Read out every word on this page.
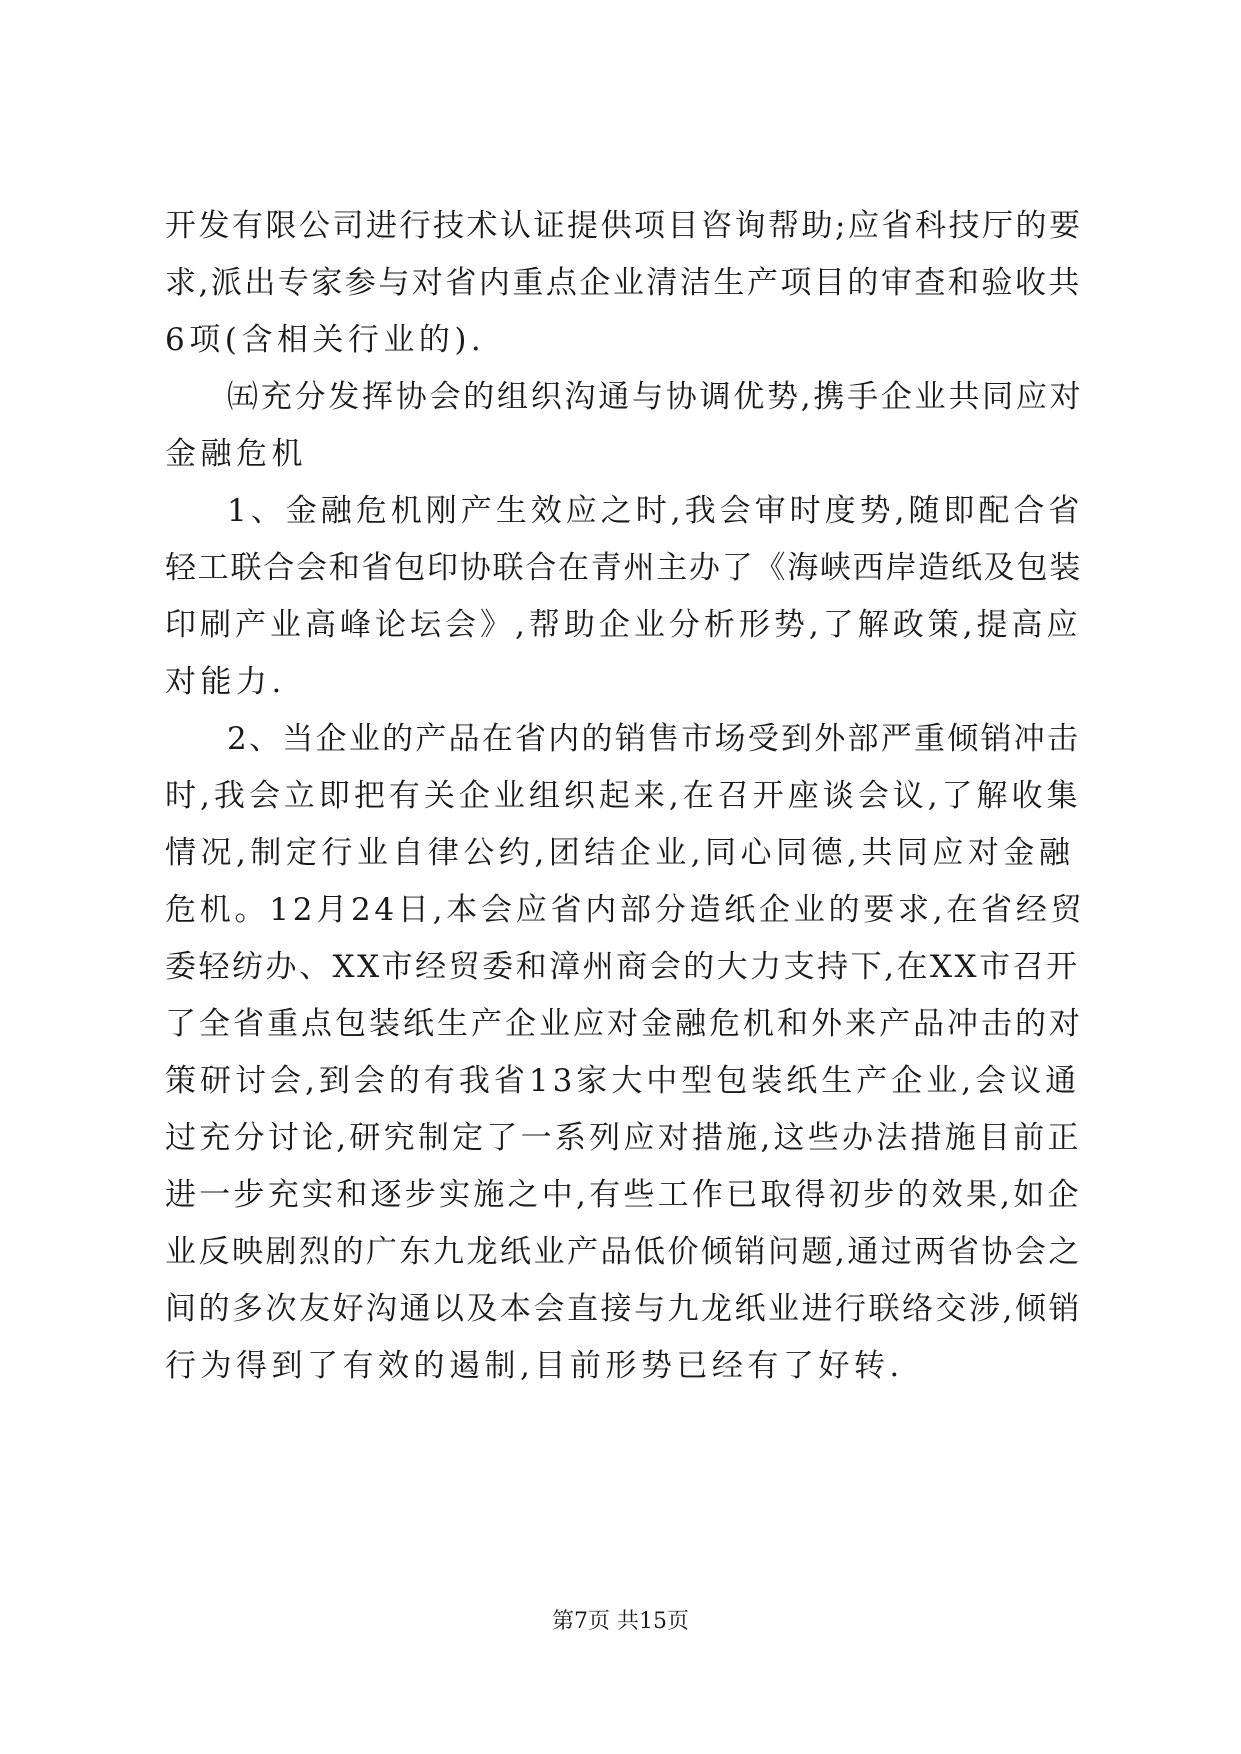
开发有限公司进行技术认证提供项目咨询帮助;应省科技厅的要
求,派出专家参与对省内重点企业清洁生产项目的审查和验收共
6项(含相关行业的).
㈤充分发挥协会的组织沟通与协调优势,携手企业共同应对
金融危机
1、金融危机刚产生效应之时,我会审时度势,随即配合省
轻工联合会和省包印协联合在青州主办了《海峡西岸造纸及包装
印刷产业高峰论坛会》,帮助企业分析形势,了解政策,提高应
对能力.
2、当企业的产品在省内的销售市场受到外部严重倾销冲击
时,我会立即把有关企业组织起来,在召开座谈会议,了解收集
情况,制定行业自律公约,团结企业,同心同德,共同应对金融
危机。12月24日,本会应省内部分造纸企业的要求,在省经贸
委轻纺办、XX市经贸委和漳州商会的大力支持下,在XX市召开
了全省重点包装纸生产企业应对金融危机和外来产品冲击的对
策研讨会,到会的有我省13家大中型包装纸生产企业,会议通
过充分讨论,研究制定了一系列应对措施,这些办法措施目前正
进一步充实和逐步实施之中,有些工作已取得初步的效果,如企
业反映剧烈的广东九龙纸业产品低价倾销问题,通过两省协会之
间的多次友好沟通以及本会直接与九龙纸业进行联络交涉,倾销
行为得到了有效的遏制,目前形势已经有了好转.
第7页 共15页
